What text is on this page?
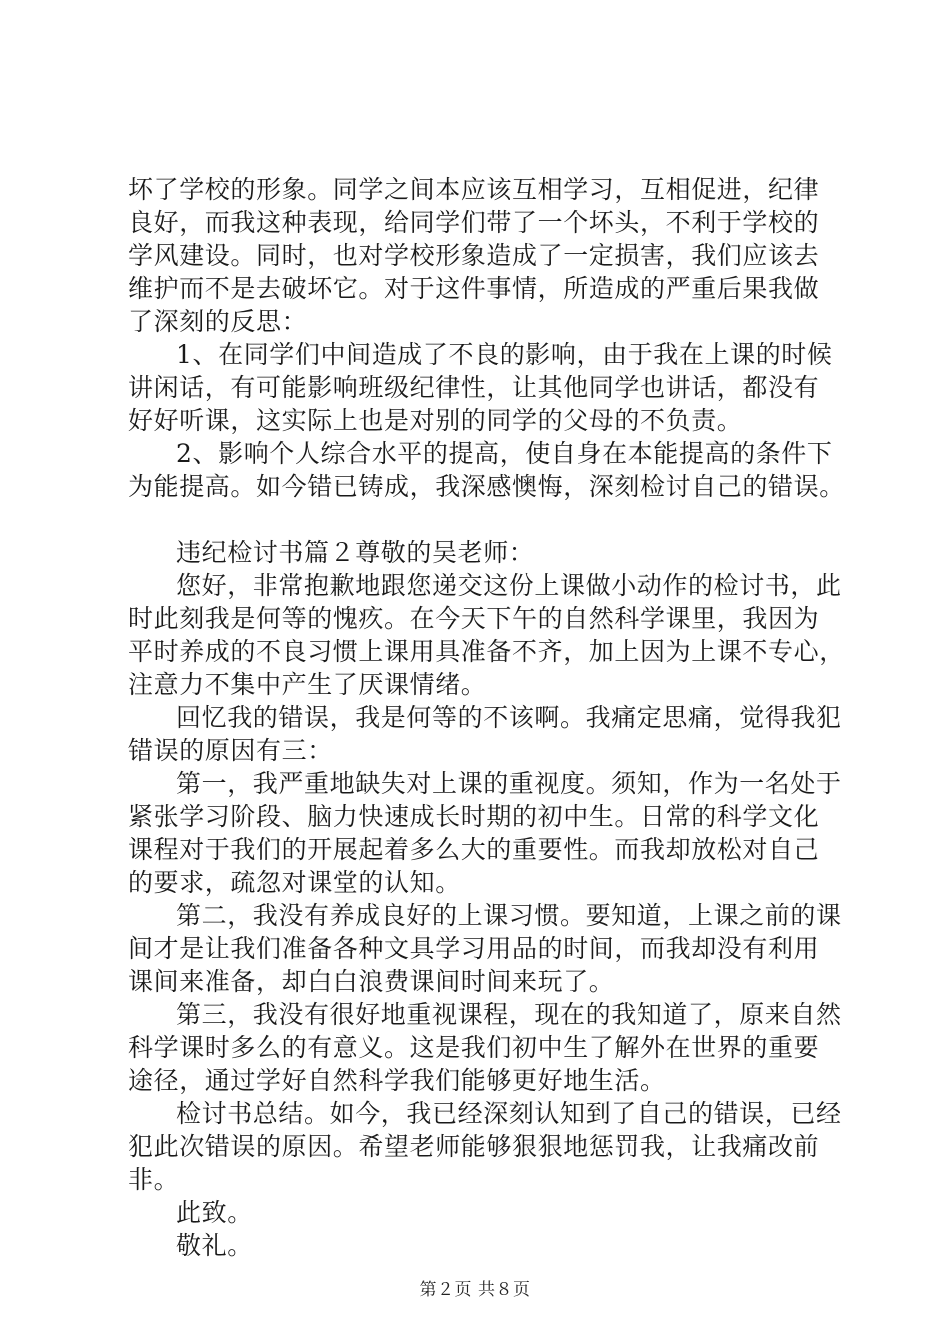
坏了学校的形象。同学之间本应该互相学习，互相促进，纪律
良好，而我这种表现，给同学们带了一个坏头，不利于学校的
学风建设。同时，也对学校形象造成了一定损害，我们应该去
维护而不是去破坏它。对于这件事情，所造成的严重后果我做
了深刻的反思：
1、在同学们中间造成了不良的影响，由于我在上课的时候
讲闲话，有可能影响班级纪律性，让其他同学也讲话，都没有
好好听课，这实际上也是对别的同学的父母的不负责。
2、影响个人综合水平的提高，使自身在本能提高的条件下
为能提高。如今错已铸成，我深感懊悔，深刻检讨自己的错误。
违纪检讨书篇２尊敬的吴老师：
您好，非常抱歉地跟您递交这份上课做小动作的检讨书，此
时此刻我是何等的愧疚。在今天下午的自然科学课里，我因为
平时养成的不良习惯上课用具准备不齐，加上因为上课不专心，
注意力不集中产生了厌课情绪。
回忆我的错误，我是何等的不该啊。我痛定思痛，觉得我犯
错误的原因有三：
第一，我严重地缺失对上课的重视度。须知，作为一名处于
紧张学习阶段、脑力快速成长时期的初中生。日常的科学文化
课程对于我们的开展起着多么大的重要性。而我却放松对自己
的要求，疏忽对课堂的认知。
第二，我没有养成良好的上课习惯。要知道，上课之前的课
间才是让我们准备各种文具学习用品的时间，而我却没有利用
课间来准备，却白白浪费课间时间来玩了。
第三，我没有很好地重视课程，现在的我知道了，原来自然
科学课时多么的有意义。这是我们初中生了解外在世界的重要
途径，通过学好自然科学我们能够更好地生活。
检讨书总结。如今，我已经深刻认知到了自己的错误，已经
犯此次错误的原因。希望老师能够狠狠地惩罚我，让我痛改前
非。
此致。
敬礼。
第２页 共８页
